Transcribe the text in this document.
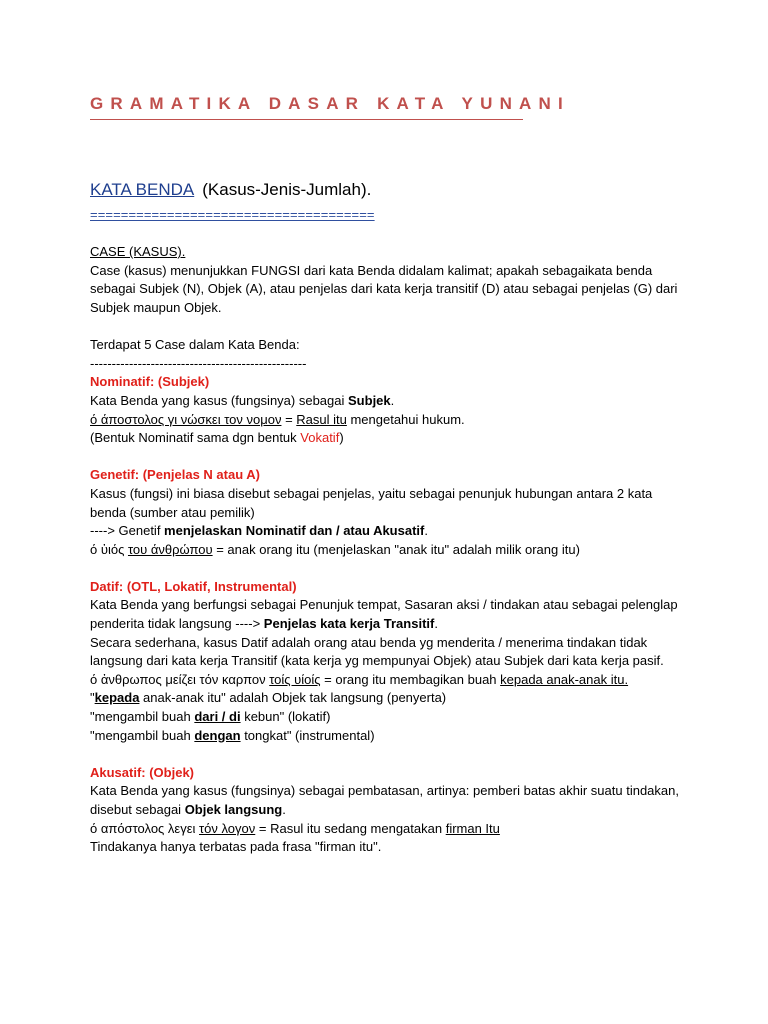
GRAMATIKA DASAR KATA YUNANI
KATA BENDA (Kasus-Jenis-Jumlah).

=====================================

CASE (KASUS).

Case (kasus) menunjukkan FUNGSI dari kata Benda didalam kalimat; apakah sebagaikata benda sebagai Subjek (N), Objek (A), atau penjelas dari kata kerja transitif (D) atau sebagai penjelas (G) dari Subjek maupun Objek.

Terdapat 5 Case dalam Kata Benda:

--------------------------------------------------

Nominatif: (Subjek)

Kata Benda yang kasus (fungsinya) sebagai Subjek.

ό άποστολος γι νώσκει τον νομον = Rasul itu mengetahui hukum.

(Bentuk Nominatif sama dgn bentuk Vokatif)

Genetif: (Penjelas N atau A)

Kasus (fungsi) ini biasa disebut sebagai penjelas, yaitu sebagai penunjuk hubungan antara 2 kata benda (sumber atau pemilik)

----> Genetif menjelaskan Nominatif dan / atau Akusatif.

ό ὑιός του άνθρώπου = anak orang itu (menjelaskan "anak itu" adalah milik orang itu)

Datif: (OTL, Lokatif, Instrumental)

Kata Benda yang berfungsi sebagai Penunjuk tempat, Sasaran aksi / tindakan atau sebagai pelenglap penderita tidak langsung ----> Penjelas kata kerja Transitif.

Secara sederhana, kasus Datif adalah orang atau benda yg menderita / menerima tindakan tidak langsung dari kata kerja Transitif (kata kerja yg mempunyai Objek) atau Subjek dari kata kerja pasif.

ό ἀνθρωπος μείζει τόν καρπον τοίς υίοίς = orang itu membagikan buah kepada anak-anak itu.

"kepada anak-anak itu" adalah Objek tak langsung (penyerta)

"mengambil buah dari / di kebun" (lokatif)

"mengambil buah dengan tongkat" (instrumental)

Akusatif: (Objek)

Kata Benda yang kasus (fungsinya) sebagai pembatasan, artinya: pemberi batas akhir suatu tindakan, disebut sebagai Objek langsung.

ό απόστολος λεγει τόν λογον = Rasul itu sedang mengatakan firman Itu

Tindakanya hanya terbatas pada frasa "firman itu".
